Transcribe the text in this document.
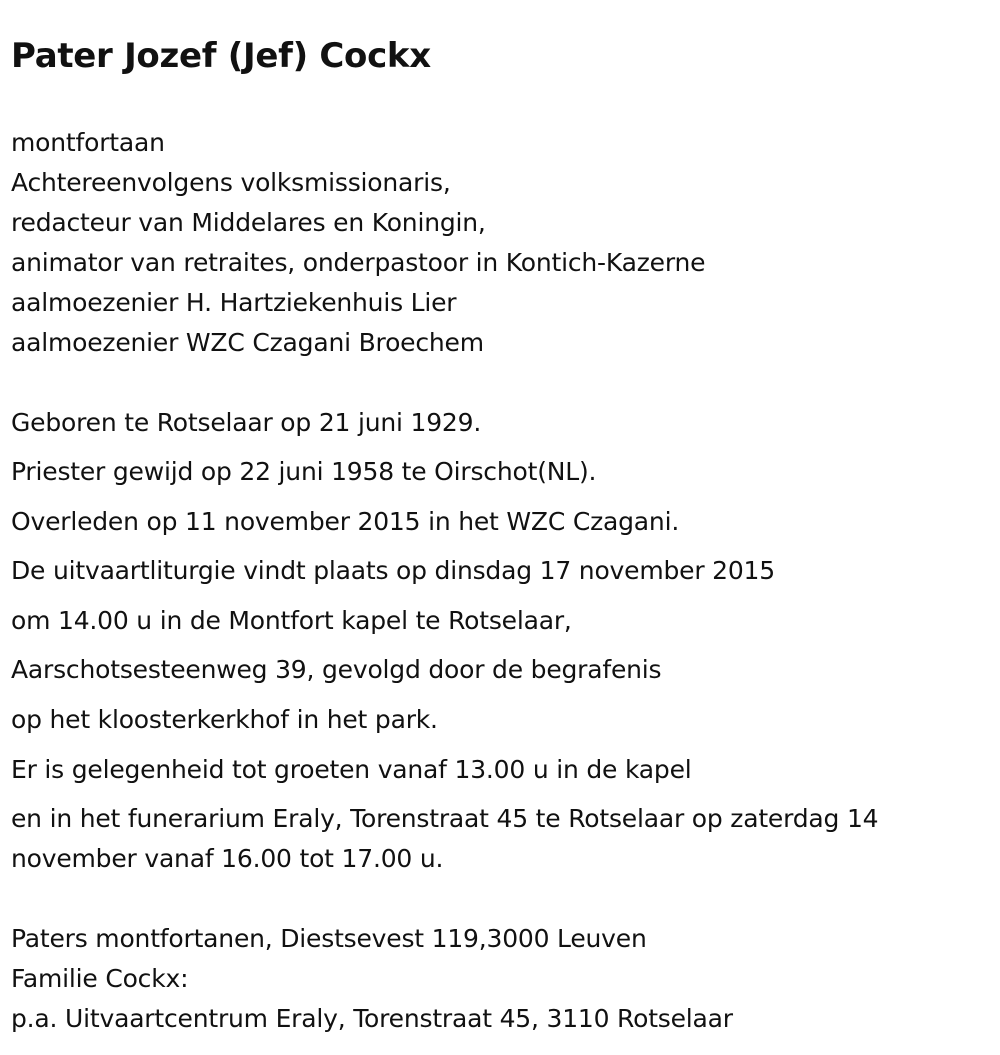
Pater Jozef (Jef) Cockx

montfortaan

Achtereenvolgens volksmissionaris,

redacteur van Middelares en Koningin,

animator van retraites, onderpastoor in Kontich-Kazerne

aalmoezenier H. Hartziekenhuis Lier

aalmoezenier WZC Czagani Broechem

Geboren te Rotselaar op 21 juni 1929.

Priester gewijd op 22 juni 1958 te Oirschot(NL).

Overleden op 11 november 2015 in het WZC Czagani.

De uitvaartliturgie vindt plaats op dinsdag 17 november 2015

om 14.00 u in de Montfort kapel te Rotselaar,

Aarschotsesteenweg 39, gevolgd door de begrafenis

op het kloosterkerkhof in het park.

Er is gelegenheid tot groeten vanaf 13.00 u in de kapel

en in het funerarium Eraly, Torenstraat 45 te Rotselaar op zaterdag 14

november vanaf 16.00 tot 17.00 u.

Paters montfortanen, Diestsevest 119,3000 Leuven

Familie Cockx:

p.a. Uitvaartcentrum Eraly, Torenstraat 45, 3110 Rotselaar
